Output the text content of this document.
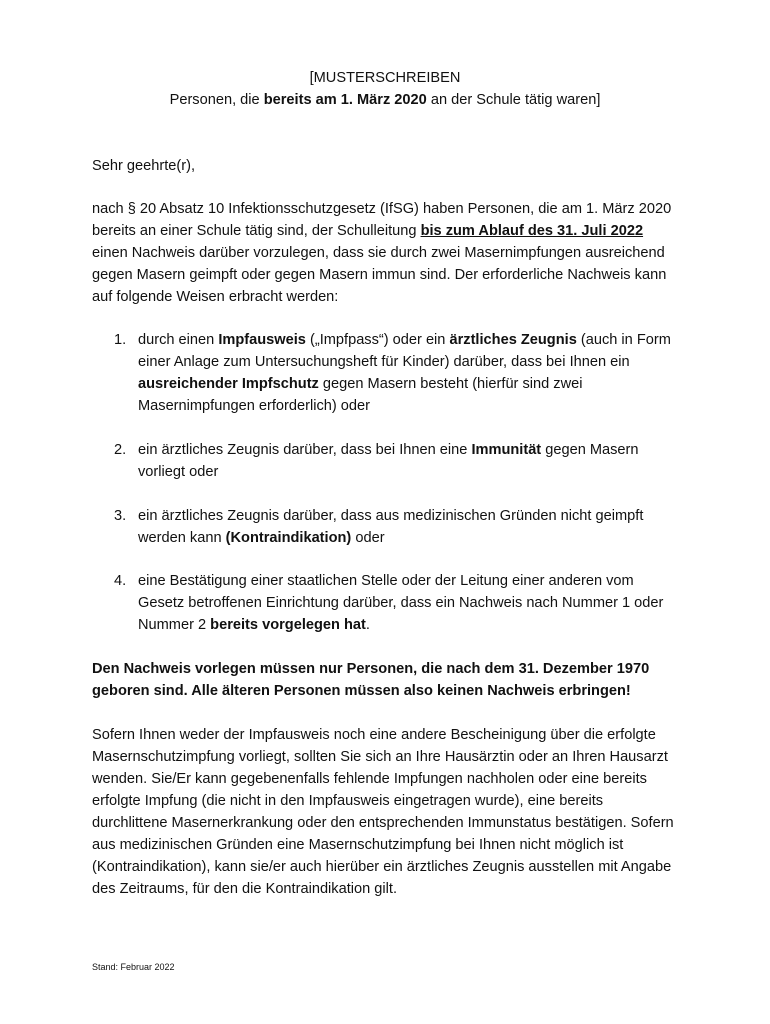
[MUSTERSCHREIBEN
Personen, die bereits am 1. März 2020 an der Schule tätig waren]
Sehr geehrte(r),
nach § 20 Absatz 10 Infektionsschutzgesetz (IfSG) haben Personen, die am 1. März 2020
bereits an einer Schule tätig sind, der Schulleitung bis zum Ablauf des 31. Juli 2022
einen Nachweis darüber vorzulegen, dass sie durch zwei Masernimpfungen ausreichend
gegen Masern geimpft oder gegen Masern immun sind. Der erforderliche Nachweis kann
auf folgende Weisen erbracht werden:
1. durch einen Impfausweis („Impfpass“) oder ein ärztliches Zeugnis (auch in Form
einer Anlage zum Untersuchungsheft für Kinder) darüber, dass bei Ihnen ein
ausreichender Impfschutz gegen Masern besteht (hierfür sind zwei
Masernimpfungen erforderlich) oder
2. ein ärztliches Zeugnis darüber, dass bei Ihnen eine Immunität gegen Masern
vorliegt oder
3. ein ärztliches Zeugnis darüber, dass aus medizinischen Gründen nicht geimpft
werden kann (Kontraindikation) oder
4. eine Bestätigung einer staatlichen Stelle oder der Leitung einer anderen vom
Gesetz betroffenen Einrichtung darüber, dass ein Nachweis nach Nummer 1 oder
Nummer 2 bereits vorgelegen hat.
Den Nachweis vorlegen müssen nur Personen, die nach dem 31. Dezember 1970
geboren sind. Alle älteren Personen müssen also keinen Nachweis erbringen!
Sofern Ihnen weder der Impfausweis noch eine andere Bescheinigung über die erfolgte
Masernschutzimpfung vorliegt, sollten Sie sich an Ihre Hausärztin oder an Ihren Hausarzt
wenden. Sie/Er kann gegebenenfalls fehlende Impfungen nachholen oder eine bereits
erfolgte Impfung (die nicht in den Impfausweis eingetragen wurde), eine bereits
durchlittene Masernerkrankung oder den entsprechenden Immunstatus bestätigen. Sofern
aus medizinischen Gründen eine Masernschutzimpfung bei Ihnen nicht möglich ist
(Kontraindikation), kann sie/er auch hierüber ein ärztliches Zeugnis ausstellen mit Angabe
des Zeitraums, für den die Kontraindikation gilt.
Stand: Februar 2022
